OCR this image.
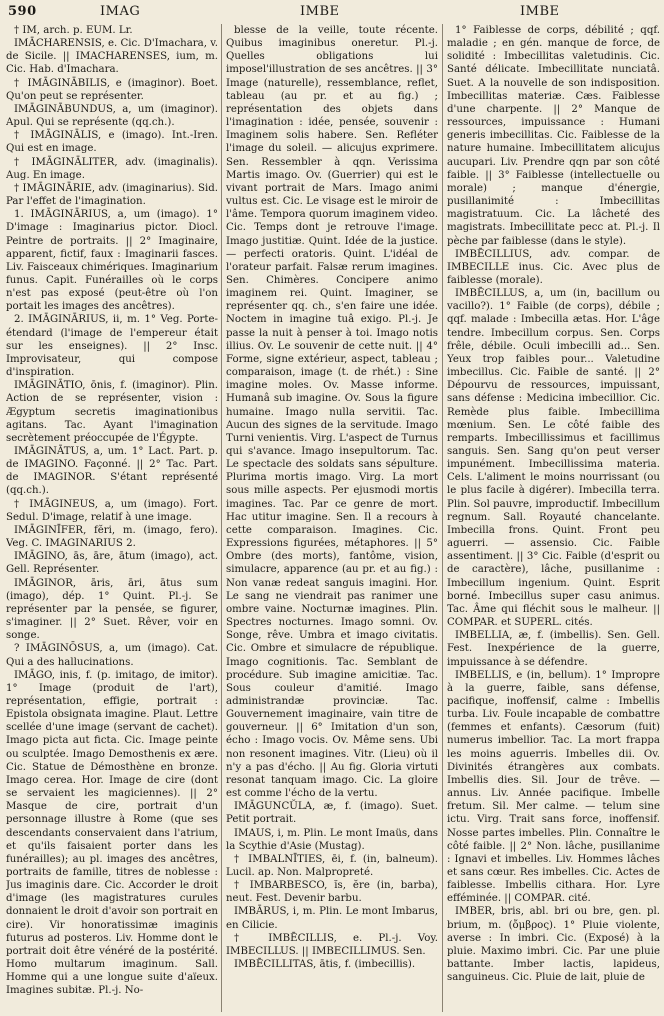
590	IMAG	IMBE	IMBE

† IM, arch. p. EUM. Lr.

IMĀCHARENSIS, e. Cic. D'Imachara, v. de Sicile. || IMACHARENSES, ium, m. Cic. Hab. d'Imachara.

† IMĀGINĀBILIS, e (imaginor). Boet. Qu'on peut se représenter.

IMĀGINĀBUNDUS, a, um (imaginor). Apul. Qui se représente (qq.ch.).

† IMĀGINĀLIS, e (imago). Int.-Iren. Qui est en image.

† IMĀGINĀLITER, adv. (imaginalis). Aug. En image.

† IMĀGINĀRIE, adv. (imaginarius). Sid. Par l'effet de l'imagination.

1. IMĀGINĀRIUS, a, um (imago). 1° D'image : Imaginarius pictor. Diocl. Peintre de portraits. || 2° Imaginaire, apparent, fictif, faux : Imaginarii fasces. Liv. Faisceaux chimériques. Imaginarium funus. Capit. Funérailles où le corps n'est pas exposé (peut-être où l'on portait les images des ancêtres).

2. IMĀGINĀRIUS, ii, m. 1° Veg. Porte-étendard (l'image de l'empereur était sur les enseignes). || 2° Insc. Improvisateur, qui compose d'inspiration.

IMĀGINĀTIO, ōnis, f. (imaginor). Plin. Action de se représenter, vision : Ægyptum secretis imaginationibus agitans. Tac. Ayant l'imagination secrètement préoccupée de l'Égypte.

IMĀGINĀTUS, a, um. 1° Lact. Part. p. de IMAGINO. Façonné. || 2° Tac. Part. de IMAGINOR. S'étant représenté (qq.ch.).

† IMĀGINEUS, a, um (imago). Fort. Sedul. D'image, relatif à une image.

IMĀGINĪFER, fĕri, m. (imago, fero). Veg. C. IMAGINARIUS 2.

IMĀGINO, ās, āre, ātum (imago), act. Gell. Représenter.

IMĀGINOR, āris, āri, ātus sum (imago), dép. 1° Quint. Pl.-j. Se représenter par la pensée, se figurer, s'imaginer. || 2° Suet. Rêver, voir en songe.

? IMĀGINŌSUS, a, um (imago). Cat. Qui a des hallucinations.

IMĀGO, inis, f. (p. imitago, de imitor). 1° Image (produit de l'art), représentation, effigie, portrait : Epistola obsignata imagine. Plaut. Lettre scellée d'une image (servant de cachet). Imago picta aut ficta. Cic. Image peinte ou sculptée. Imago Demosthenis ex ære. Cic. Statue de Démosthène en bronze. Imago cerea. Hor. Image de cire (dont se servaient les magiciennes). || 2° Masque de cire, portrait d'un personnage illustre à Rome (que ses descendants conservaient dans l'atrium, et qu'ils faisaient porter dans les funérailles); au pl. images des ancêtres, portraits de famille, titres de noblesse : Jus imaginis dare. Cic. Accorder le droit d'image (les magistratures curules donnaient le droit d'avoir son portrait en cire). Vir honoratissimæ imaginis futurus ad posteros. Liv. Homme dont le portrait doit être vénéré de la postérité. Homo multarum imaginum. Sall. Homme qui a une longue suite d'aïeux. Imagines subitæ. Pl.-j. No-

blesse de la veille, toute récente. Quibus imaginibus oneretur. Pl.-j. Quelles obligations lui imposel'illustration de ses ancêtres. || 3° Image (naturelle), ressemblance, reflet, tableau (au pr. et au fig.) ; représentation des objets dans l'imagination : idée, pensée, souvenir : Imaginem solis habere. Sen. Refléter l'image du soleil. — alicujus exprimere. Sen. Ressembler à qqn. Verissima Martis imago. Ov. (Guerrier) qui est le vivant portrait de Mars. Imago animi vultus est. Cic. Le visage est le miroir de l'âme. Tempora quorum imaginem video. Cic. Temps dont je retrouve l'image. Imago justitiæ. Quint. Idée de la justice. — perfecti oratoris. Quint. L'idéal de l'orateur parfait. Falsæ rerum imagines. Sen. Chimères. Concipere animo imaginem rei. Quint. Imaginer, se représenter qq. ch., s'en faire une idée. Noctem in imagine tuâ exigo. Pl.-j. Je passe la nuit à penser à toi. Imago notis illius. Ov. Le souvenir de cette nuit. || 4° Forme, signe extérieur, aspect, tableau ; comparaison, image (t. de rhét.) : Sine imagine moles. Ov. Masse informe. Humanâ sub imagine. Ov. Sous la figure humaine. Imago nulla servitii. Tac. Aucun des signes de la servitude. Imago Turni venientis. Virg. L'aspect de Turnus qui s'avance. Imago insepultorum. Tac. Le spectacle des soldats sans sépulture. Plurima mortis imago. Virg. La mort sous mille aspects. Per ejusmodi mortis imagines. Tac. Par ce genre de mort. Hac utitur imagine. Sen. Il a recours à cette comparaison. Imagines. Cic. Expressions figurées, métaphores. || 5° Ombre (des morts), fantôme, vision, simulacre, apparence (au pr. et au fig.) : Non vanæ redeat sanguis imagini. Hor. Le sang ne viendrait pas ranimer une ombre vaine. Nocturnæ imagines. Plin. Spectres nocturnes. Imago somni. Ov. Songe, rêve. Umbra et imago civitatis. Cic. Ombre et simulacre de république. Imago cognitionis. Tac. Semblant de procédure. Sub imagine amicitiæ. Tac. Sous couleur d'amitié. Imago administrandæ provinciæ. Tac. Gouvernement imaginaire, vain titre de gouverneur. || 6° Imitation d'un son, écho : Imago vocis. Ov. Même sens. Ubi non resonent imagines. Vitr. (Lieu) où il n'y a pas d'écho. || Au fig. Gloria virtuti resonat tanquam imago. Cic. La gloire est comme l'écho de la vertu.

IMĀGUNCŬLA, æ, f. (imago). Suet. Petit portrait.

IMAUS, i, m. Plin. Le mont Imaüs, dans la Scythie d'Asie (Mustag).

† IMBALNĪTIES, ēi, f. (in, balneum). Lucil. ap. Non. Malpropreté.

† IMBARBESCO, ĭs, ĕre (in, barba), neut. Fest. Devenir barbu.

IMBĀRUS, i, m. Plin. Le mont Imbarus, en Cilicie.

† IMBĒCILLIS, e. Pl.-j. Voy. IMBECILLUS. || IMBECILLIMUS. Sen.

IMBĒCILLITAS, ātis, f. (imbecillis).

1° Faiblesse de corps, débilité ; qqf. maladie ; en gén. manque de force, de solidité : Imbecillitas valetudinis. Cic. Santé délicate. Imbecillitate nunciatâ. Suet. A la nouvelle de son indisposition. Imbecillitas materiæ. Cæs. Faiblesse d'une charpente. || 2° Manque de ressources, impuissance : Humani generis imbecillitas. Cic. Faiblesse de la nature humaine. Imbecillitatem alicujus aucupari. Liv. Prendre qqn par son côté faible. || 3° Faiblesse (intellectuelle ou morale) ; manque d'énergie, pusillanimité : Imbecillitas magistratuum. Cic. La lâcheté des magistrats. Imbecillitate pecc at. Pl.-j. Il pèche par faiblesse (dans le style).

IMBĒCILLIUS, adv. compar. de IMBECILLE inus. Cic. Avec plus de faiblesse (morale).

IMBĒCILLUS, a, um (in, bacillum ou vacillo?). 1° Faible (de corps), débile ; qqf. malade : Imbecilla ætas. Hor. L'âge tendre. Imbecillum corpus. Sen. Corps frêle, débile. Oculi imbecilli ad... Sen. Yeux trop faibles pour... Valetudine imbecillus. Cic. Faible de santé. || 2° Dépourvu de ressources, impuissant, sans défense : Medicina imbecillior. Cic. Remède plus faible. Imbecillima mœnium. Sen. Le côté faible des remparts. Imbecillissimus et facillimus sanguis. Sen. Sang qu'on peut verser impunément. Imbecillissima materia. Cels. L'aliment le moins nourrissant (ou le plus facile à digérer). Imbecilla terra. Plin. Sol pauvre, improductif. Imbecillum regnum. Sall. Royauté chancelante. Imbecilla frons. Quint. Front peu aguerri. — assensio. Cic. Faible assentiment. || 3° Cic. Faible (d'esprit ou de caractère), lâche, pusillanime : Imbecillum ingenium. Quint. Esprit borné. Imbecillus super casu animus. Tac. Âme qui fléchit sous le malheur. || COMPAR. et SUPERL. cités.

IMBELLIA, æ, f. (imbellis). Sen. Gell. Fest. Inexpérience de la guerre, impuissance à se défendre.

IMBELLIS, e (in, bellum). 1° Impropre à la guerre, faible, sans défense, pacifique, inoffensif, calme : Imbellis turba. Liv. Foule incapable de combattre (femmes et enfants). Cæsorum (fuit) numerus imbellior. Tac. La mort frappa les moins aguerris. Imbelles dii. Ov. Divinités étrangères aux combats. Imbellis dies. Sil. Jour de trêve. — annus. Liv. Année pacifique. Imbelle fretum. Sil. Mer calme. — telum sine ictu. Virg. Trait sans force, inoffensif. Nosse partes imbelles. Plin. Connaître le côté faible. || 2° Non. lâche, pusillanime : Ignavi et imbelles. Liv. Hommes lâches et sans cœur. Res imbelles. Cic. Actes de faiblesse. Imbellis cithara. Hor. Lyre efféminée. || COMPAR. cité.

IMBER, bris, abl. bri ou bre, gen. pl. brium, m. (ὄμβρος). 1° Pluie violente, averse : In imbri. Cic. (Exposé) à la pluie. Maximo imbri. Cic. Par une pluie battante. Imber lactis, lapideus, sanguineus. Cic. Pluie de lait, pluie de
